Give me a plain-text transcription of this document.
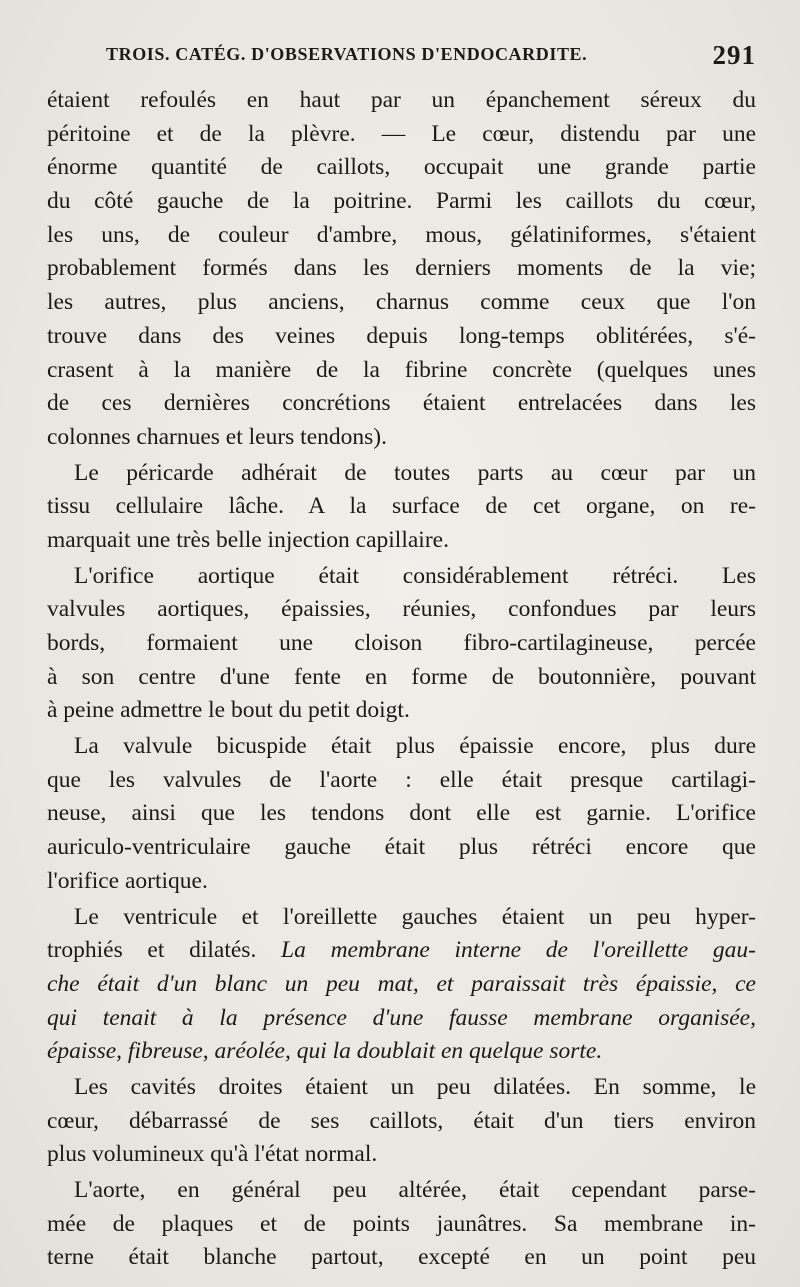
TROIS. CATÉG. D'OBSERVATIONS D'ENDOCARDITE.	291
étaient refoulés en haut par un épanchement séreux du
péritoine et de la plèvre. — Le cœur, distendu par une
énorme quantité de caillots, occupait une grande partie
du côté gauche de la poitrine. Parmi les caillots du cœur,
les uns, de couleur d'ambre, mous, gélatiniformes, s'étaient
probablement formés dans les derniers moments de la vie;
les autres, plus anciens, charnus comme ceux que l'on
trouve dans des veines depuis long-temps oblitérées, s'é-
crasent à la manière de la fibrine concrète (quelques unes
de ces dernières concrétions étaient entrelacées dans les
colonnes charnues et leurs tendons).
Le péricarde adhérait de toutes parts au cœur par un
tissu cellulaire lâche. A la surface de cet organe, on re-
marquait une très belle injection capillaire.
L'orifice aortique était considérablement rétréci. Les
valvules aortiques, épaissies, réunies, confondues par leurs
bords, formaient une cloison fibro-cartilagineuse, percée
à son centre d'une fente en forme de boutonnière, pouvant
à peine admettre le bout du petit doigt.
La valvule bicuspide était plus épaissie encore, plus dure
que les valvules de l'aorte : elle était presque cartilagi-
neuse, ainsi que les tendons dont elle est garnie. L'orifice
auriculo-ventriculaire gauche était plus rétréci encore que
l'orifice aortique.
Le ventricule et l'oreillette gauches étaient un peu hyper-
trophiés et dilatés. La membrane interne de l'oreillette gau-
che était d'un blanc un peu mat, et paraissait très épaissie, ce
qui tenait à la présence d'une fausse membrane organisée,
épaisse, fibreuse, aréolée, qui la doublait en quelque sorte.
Les cavités droites étaient un peu dilatées. En somme, le
cœur, débarrassé de ses caillots, était d'un tiers environ
plus volumineux qu'à l'état normal.
L'aorte, en général peu altérée, était cependant parse-
mée de plaques et de points jaunâtres. Sa membrane in-
terne était blanche partout, excepté en un point peu
